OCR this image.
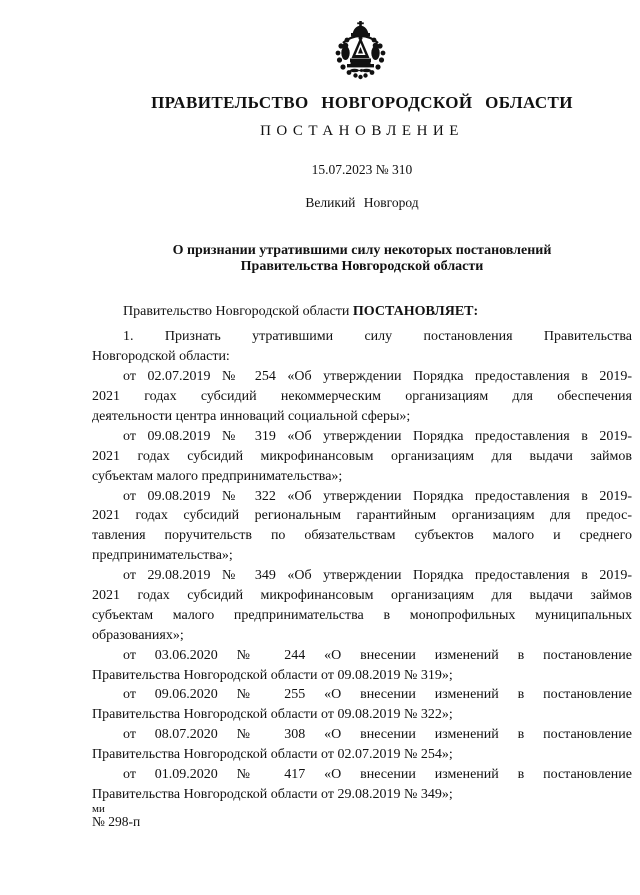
ПРАВИТЕЛЬСТВО НОВГОРОДСКОЙ ОБЛАСТИ
ПОСТАНОВЛЕНИЕ
15.07.2023 № 310
Великий Новгород
О признании утратившими силу некоторых постановлений
Правительства Новгородской области
Правительство Новгородской области ПОСТАНОВЛЯЕТ:
1. Признать утратившими силу постановления Правительства
Новгородской области:
от 02.07.2019 № 254 «Об утверждении Порядка предоставления в 2019-
2021 годах субсидий некоммерческим организациям для обеспечения
деятельности центра инноваций социальной сферы»;
от 09.08.2019 № 319 «Об утверждении Порядка предоставления в 2019-
2021 годах субсидий микрофинансовым организациям для выдачи займов
субъектам малого предпринимательства»;
от 09.08.2019 № 322 «Об утверждении Порядка предоставления в 2019-
2021 годах субсидий региональным гарантийным организациям для предос-
тавления поручительств по обязательствам субъектов малого и среднего
предпринимательства»;
от 29.08.2019 № 349 «Об утверждении Порядка предоставления в 2019-
2021 годах субсидий микрофинансовым организациям для выдачи займов
субъектам малого предпринимательства в монопрофильных муниципальных
образованиях»;
от 03.06.2020 № 244 «О внесении изменений в постановление
Правительства Новгородской области от 09.08.2019 № 319»;
от 09.06.2020 № 255 «О внесении изменений в постановление
Правительства Новгородской области от 09.08.2019 № 322»;
от 08.07.2020 № 308 «О внесении изменений в постановление
Правительства Новгородской области от 02.07.2019 № 254»;
от 01.09.2020 № 417 «О внесении изменений в постановление
Правительства Новгородской области от 29.08.2019 № 349»;
ми
№ 298-п
